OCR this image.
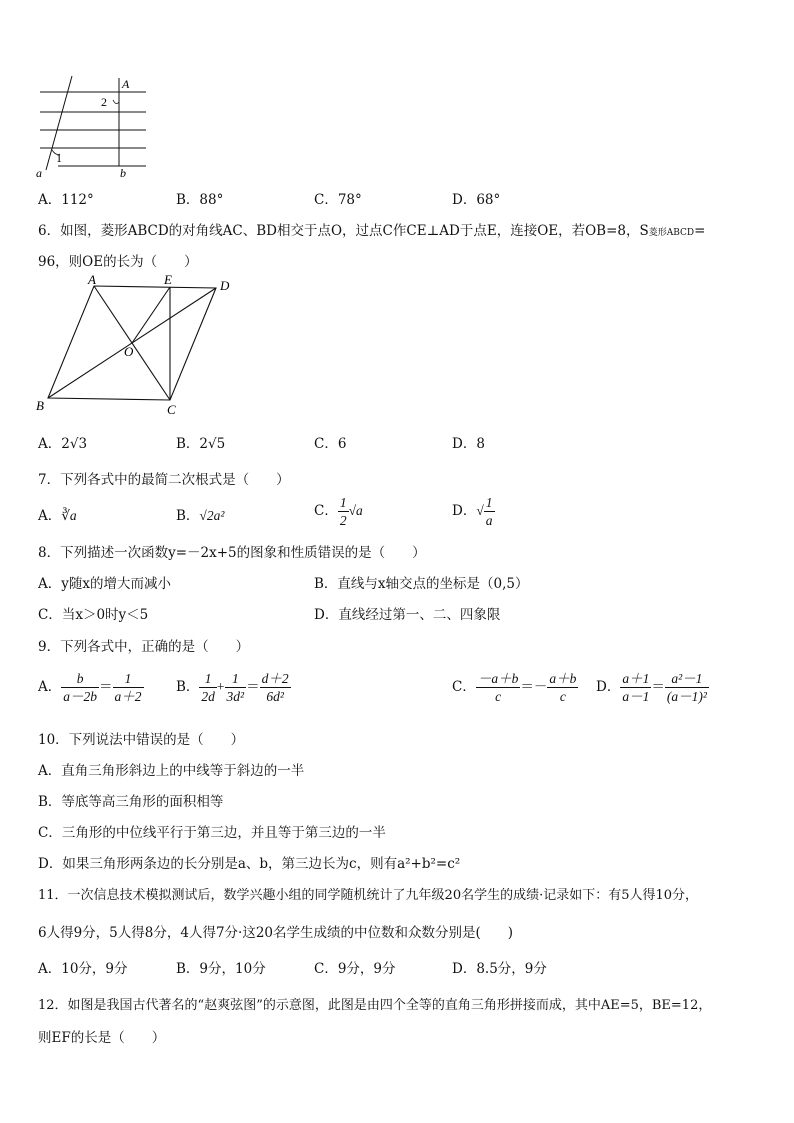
A
2
1
a	b
A．112°	B．88°	C．78°	D．68°
6．如图，菱形ABCD的对角线AC、BD相交于点O，过点C作CE⊥AD于点E，连接OE，若OB=8，S菱形ABCD=
96，则OE的长为（　　）
A	E	D
O
B	C
A．2√3	B．2√5	C．6	D．8
7．下列各式中的最简二次根式是（　　）
A．∛a	B．√2a²	C． $\frac{1}{2} √a$	D．√ $\frac{1}{a}$
8．下列描述一次函数y=－2x+5的图象和性质错误的是（　　）
A．y随x的增大而减小	B．直线与x轴交点的坐标是（0,5）
C．当x＞0时y＜5	D．直线经过第一、二、四象限
9．下列各式中，正确的是（　　）
A． $\frac{b}{a-2b} = \frac{1}{a+2}$ B． $\frac{1}{2d} + \frac{1}{\text{3d²}} = \frac{d+2}{\text{6d²}}$	C． $\frac{-a+b}{c} =- \frac{a+b}{c}$ D． $\frac{a+1}{a-1} = \frac{\text{a²－1}}{\text{(a－1)²}}$
10．下列说法中错误的是（　　）
A．直角三角形斜边上的中线等于斜边的一半
B．等底等高三角形的面积相等
C．三角形的中位线平行于第三边，并且等于第三边的一半
D．如果三角形两条边的长分别是a、b，第三边长为c，则有a²+b²=c²
11．一次信息技术模拟测试后，数学兴趣小组的同学随机统计了九年级20名学生的成绩·记录如下：有5人得10分，
6人得9分，5人得8分，4人得7分·这20名学生成绩的中位数和众数分别是(　　)
A．10分，9分	B．9分，10分	C．9分，9分	D．8.5分，9分
12．如图是我国古代著名的“赵爽弦图”的示意图，此图是由四个全等的直角三角形拼接而成，其中AE=5，BE=12，
则EF的长是（　　）
